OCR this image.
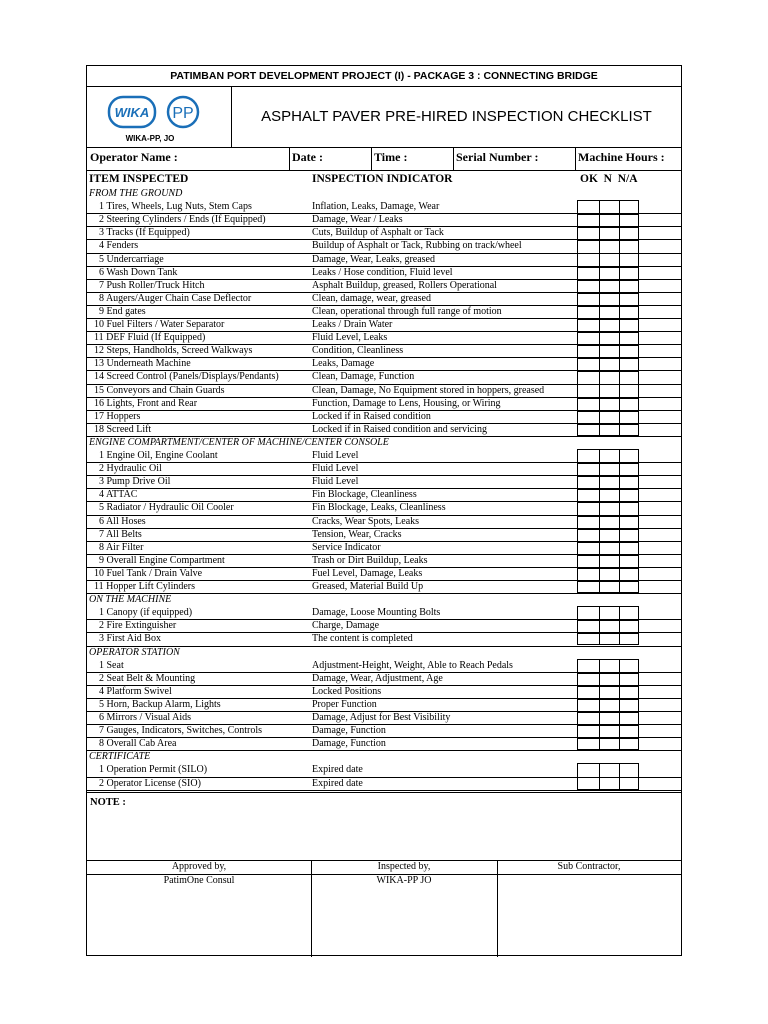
PATIMBAN PORT DEVELOPMENT PROJECT (I) - PACKAGE 3 : CONNECTING BRIDGE
WIKA PP
WIKA-PP, JO
ASPHALT PAVER PRE-HIRED INSPECTION CHECKLIST
Operator Name :	Date :	Time :	Serial Number :	Machine Hours :
ITEM INSPECTED	INSPECTION INDICATOR	OK  N  N/A
FROM THE GROUND
1 Tires, Wheels, Lug Nuts, Stem Caps	Inflation, Leaks, Damage, Wear
2 Steering Cylinders / Ends (If Equipped)	Damage, Wear / Leaks
3 Tracks (If Equipped)	Cuts, Buildup of Asphalt or Tack
4 Fenders	Buildup of Asphalt or Tack, Rubbing on track/wheel
5 Undercarriage	Damage, Wear, Leaks, greased
6 Wash Down Tank	Leaks / Hose condition, Fluid level
7 Push Roller/Truck Hitch	Asphalt Buildup, greased, Rollers Operational
8 Augers/Auger Chain Case Deflector	Clean, damage, wear, greased
9 End gates	Clean, operational through full range of motion
10 Fuel Filters / Water Separator	Leaks / Drain Water
11 DEF Fluid (If Equipped)	Fluid Level, Leaks
12 Steps, Handholds, Screed Walkways	Condition, Cleanliness
13 Underneath Machine	Leaks, Damage
14 Screed Control (Panels/Displays/Pendants)	Clean, Damage, Function
15 Conveyors and Chain Guards	Clean, Damage, No Equipment stored in hoppers, greased
16 Lights, Front and Rear	Function, Damage to Lens, Housing, or Wiring
17 Hoppers	Locked if in Raised condition
18 Screed Lift	Locked if in Raised condition and servicing
ENGINE COMPARTMENT/CENTER OF MACHINE/CENTER CONSOLE
1 Engine Oil, Engine Coolant	Fluid Level
2 Hydraulic Oil	Fluid Level
3 Pump Drive Oil	Fluid Level
4 ATTAC	Fin Blockage, Cleanliness
5 Radiator / Hydraulic Oil Cooler	Fin Blockage, Leaks, Cleanliness
6 All Hoses	Cracks, Wear Spots, Leaks
7 All Belts	Tension, Wear, Cracks
8 Air Filter	Service Indicator
9 Overall Engine Compartment	Trash or Dirt Buildup, Leaks
10 Fuel Tank / Drain Valve	Fuel Level, Damage, Leaks
11 Hopper Lift Cylinders	Greased, Material Build Up
ON THE MACHINE
1 Canopy (if equipped)	Damage, Loose Mounting Bolts
2 Fire Extinguisher	Charge, Damage
3 First Aid Box	The content is completed
OPERATOR STATION
1 Seat	Adjustment-Height, Weight, Able to Reach Pedals
2 Seat Belt & Mounting	Damage, Wear, Adjustment, Age
4 Platform Swivel	Locked Positions
5 Horn, Backup Alarm, Lights	Proper Function
6 Mirrors / Visual Aids	Damage, Adjust for Best Visibility
7 Gauges, Indicators, Switches, Controls	Damage, Function
8 Overall Cab Area	Damage, Function
CERTIFICATE
1 Operation Permit (SILO)	Expired date
2 Operator License (SIO)	Expired date
NOTE :
Approved by,	Inspected by,	Sub Contractor,
PatimOne Consul	WIKA-PP JO
